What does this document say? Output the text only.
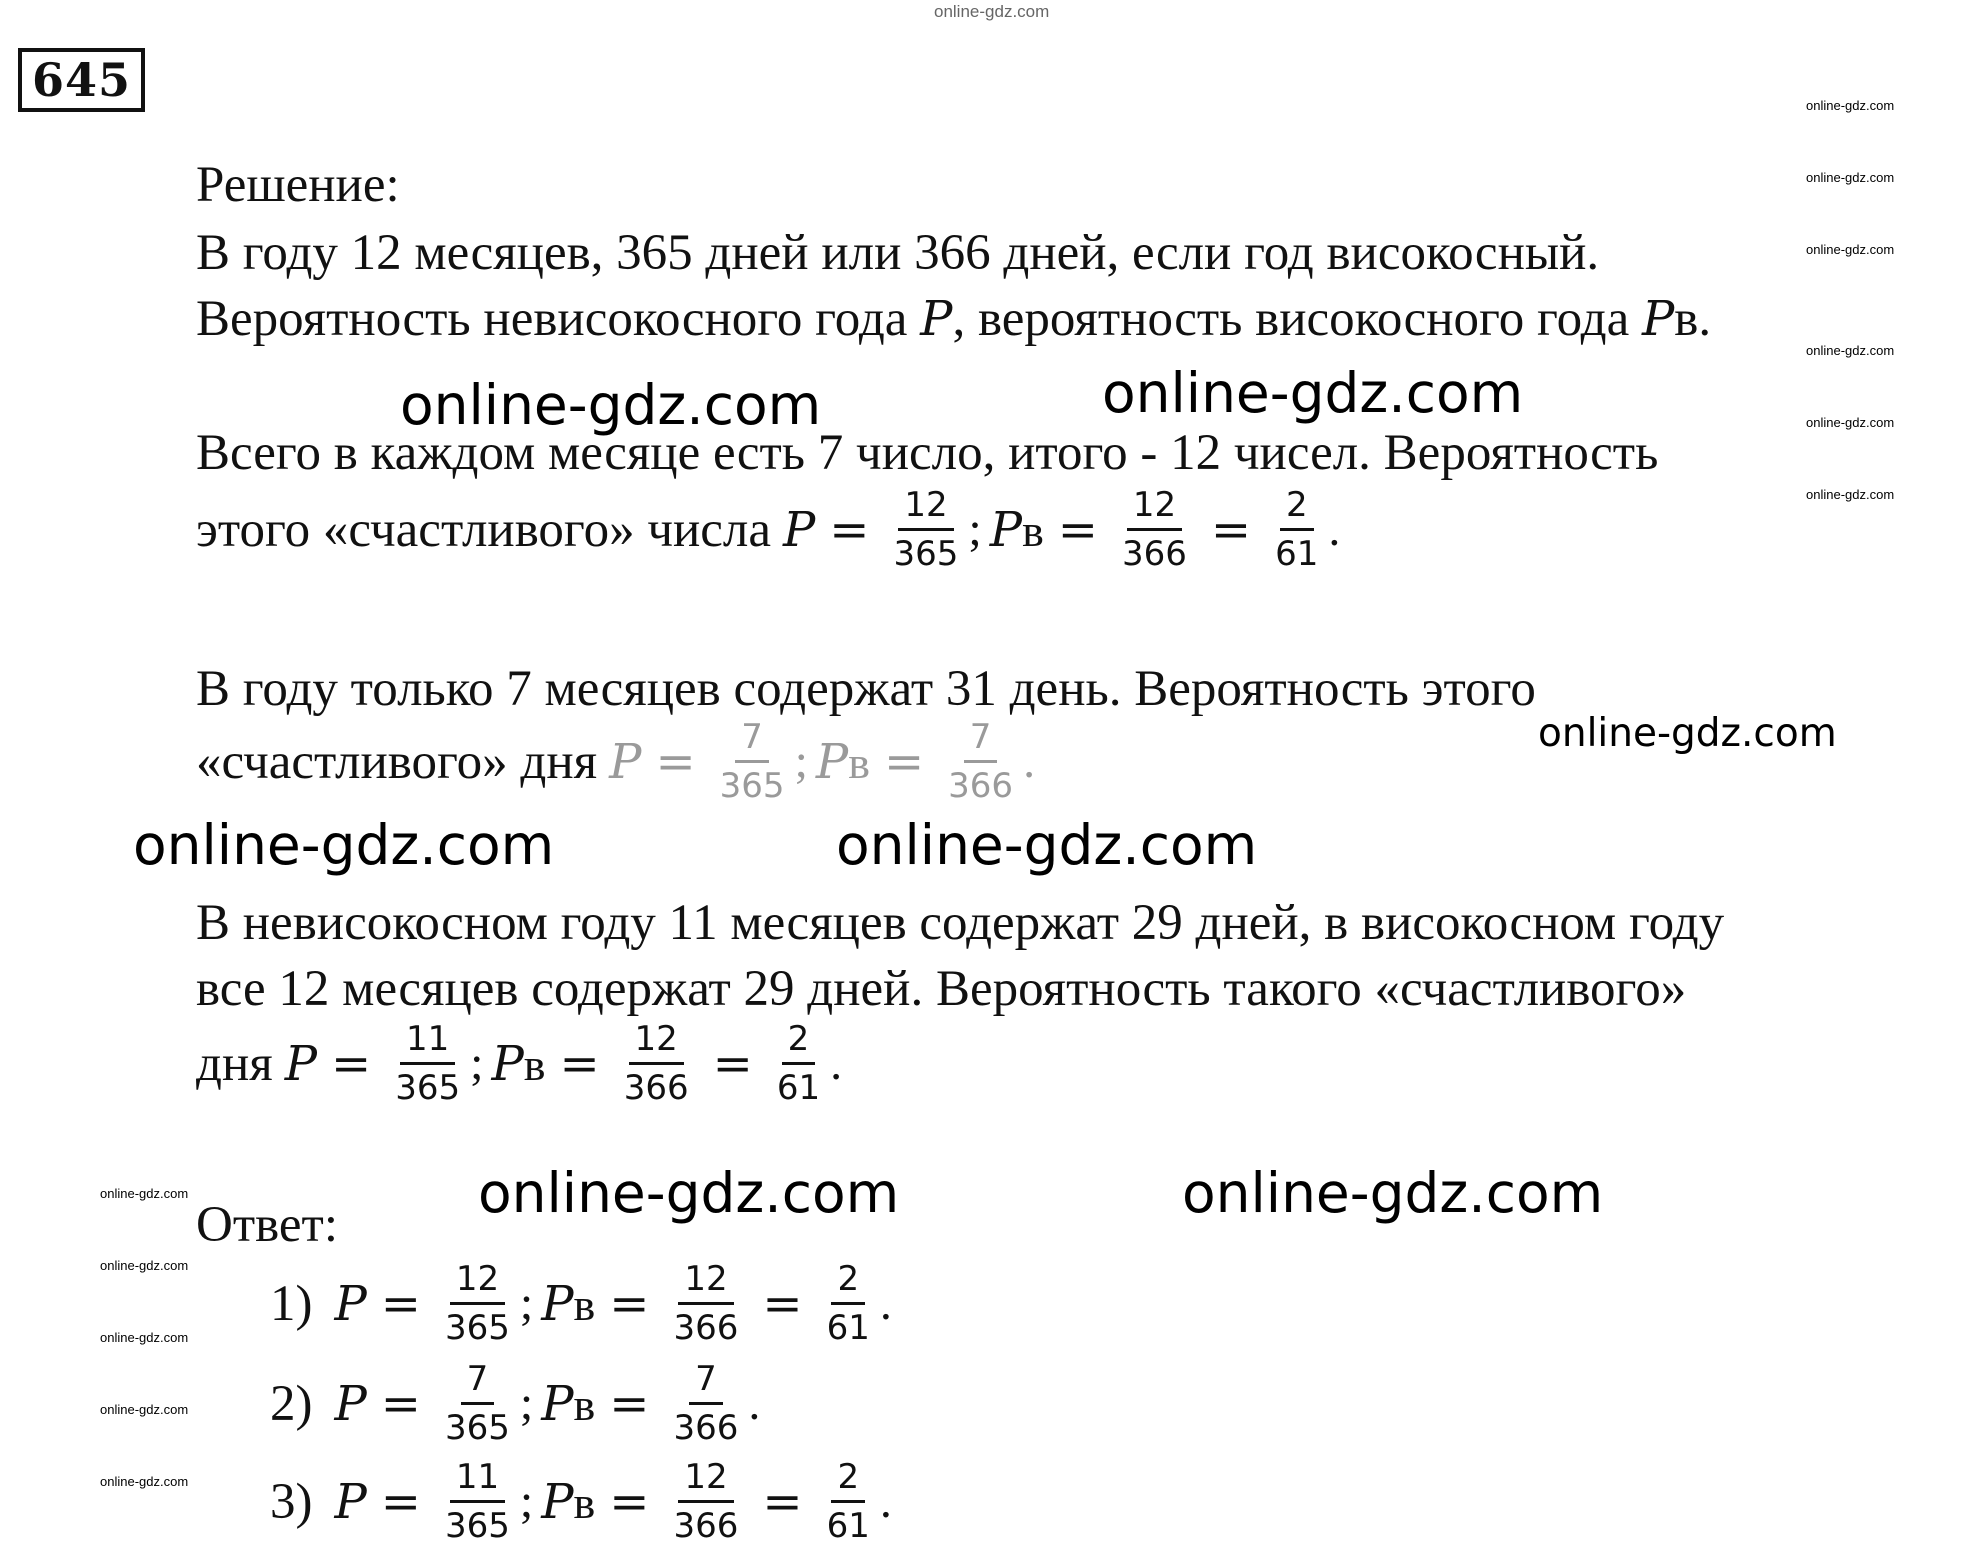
online-gdz.com
645	online-gdz.com
online-gdz.com
online-gdz.com
online-gdz.com
online-gdz.com
online-gdz.com
online-gdz.com
online-gdz.com
online-gdz.com
online-gdz.com
online-gdz.com
Решение:
В году 12 месяцев, 365 дней или 366 дней, если год високосный.
Вероятность невисокосного года P, вероятность високосного года Pв.
online-gdz.com	online-gdz.com
Всего в каждом месяце есть 7 число, итого - 12 чисел. Вероятность
этого «счастливого» числа $P = \frac{12}{365}$ ; Pв = $\frac{12}{366} = \frac{2}{61}$ .
В году только 7 месяцев содержат 31 день. Вероятность этого
online-gdz.com
«счастливого» дня $P = \frac{7}{365}$ ; Pв = $\frac{7}{366}$ .
online-gdz.com	online-gdz.com
В невисокосном году 11 месяцев содержат 29 дней, в високосном году
все 12 месяцев содержат 29 дней. Вероятность такого «счастливого»
дня $P = \frac{11}{365}$ ; Pв = $\frac{12}{366} = \frac{2}{61}$ .
online-gdz.com	online-gdz.com
Ответ:
1) $P = \frac{12}{365}$ ; Pв = $\frac{12}{366} = \frac{2}{61}$ .
2) $P = \frac{7}{365}$ ; Pв = $\frac{7}{366}$ .
3) $P = \frac{11}{365}$ ; Pв = $\frac{12}{366} = \frac{2}{61}$ .
